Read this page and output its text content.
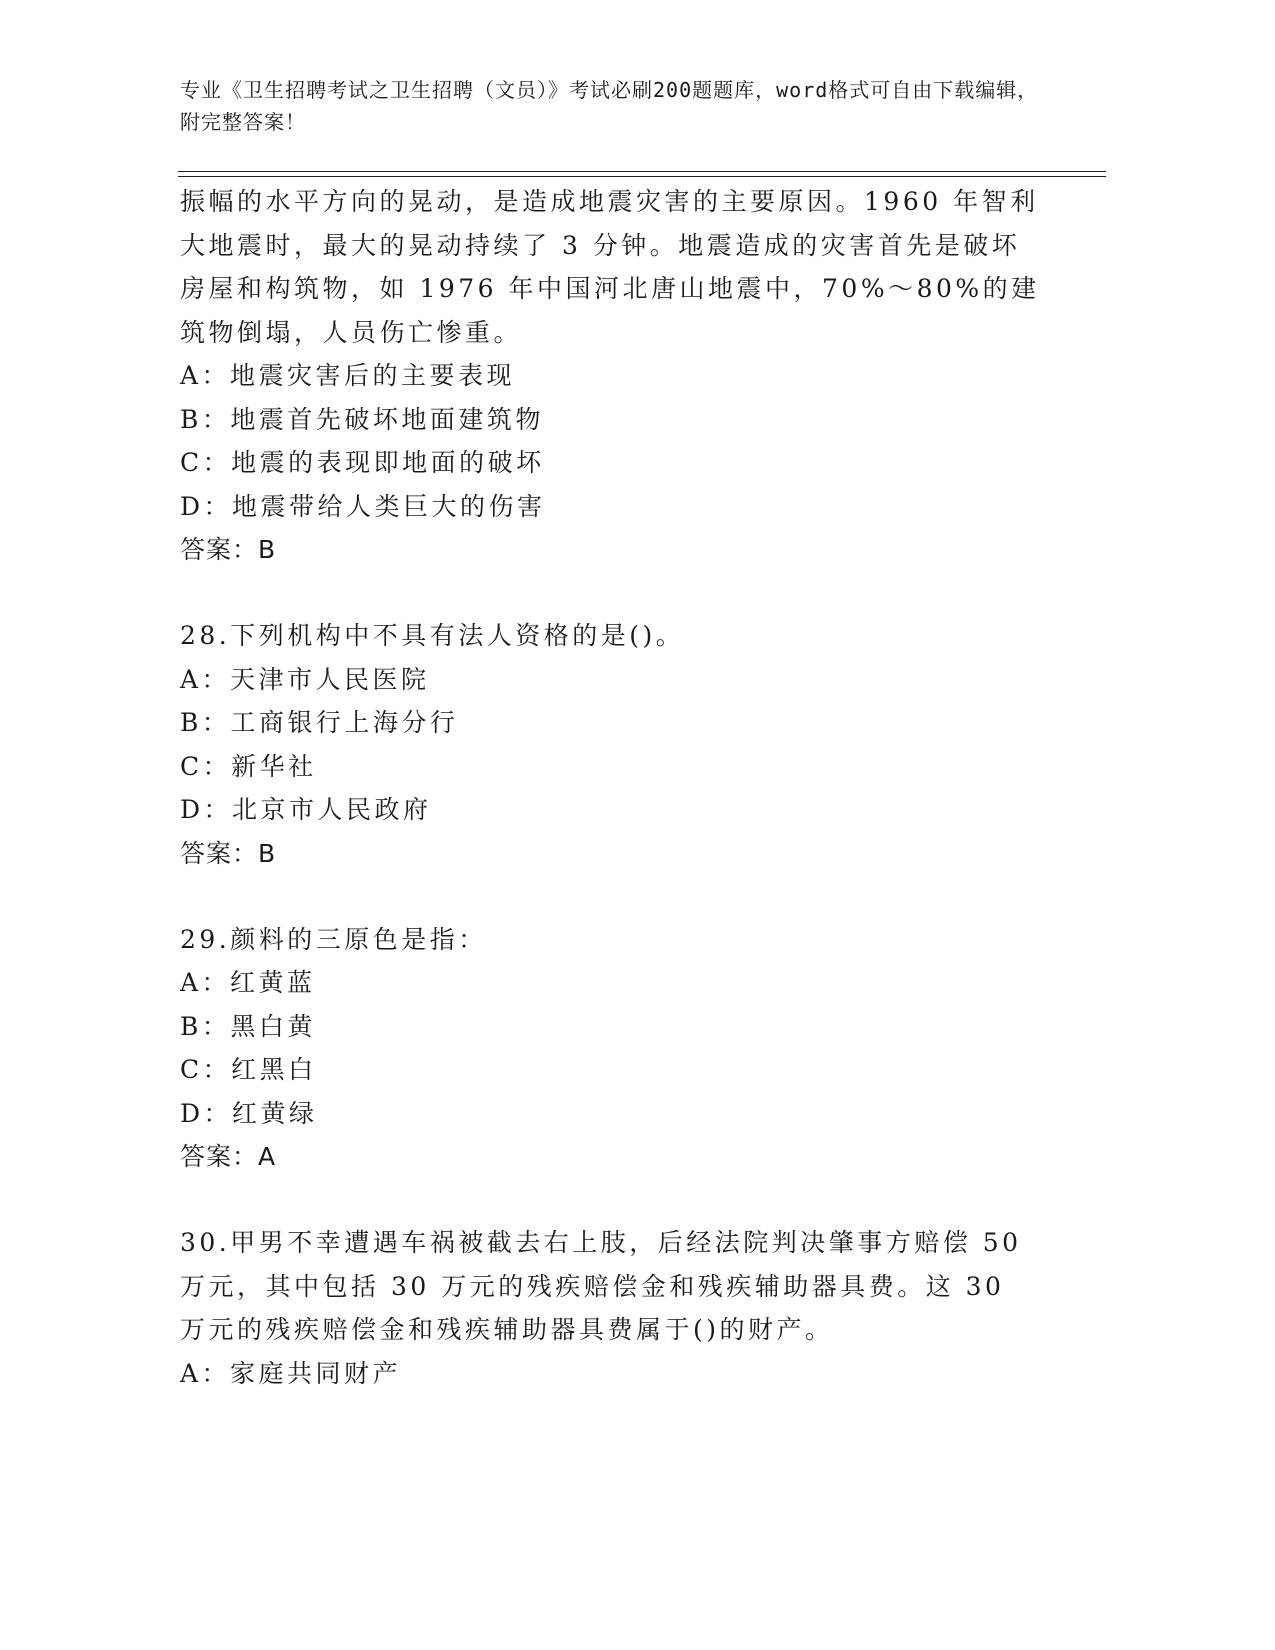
专业《卫生招聘考试之卫生招聘（文员）》考试必刷200题题库，word格式可自由下载编辑，附完整答案！
振幅的水平方向的晃动，是造成地震灾害的主要原因。1960 年智利大地震时，最大的晃动持续了 3 分钟。地震造成的灾害首先是破坏房屋和构筑物，如 1976 年中国河北唐山地震中，70%～80%的建筑物倒塌，人员伤亡惨重。
A：地震灾害后的主要表现
B：地震首先破坏地面建筑物
C：地震的表现即地面的破坏
D：地震带给人类巨大的伤害
答案：B
28.下列机构中不具有法人资格的是()。
A：天津市人民医院
B：工商银行上海分行
C：新华社
D：北京市人民政府
答案：B
29.颜料的三原色是指：
A：红黄蓝
B：黑白黄
C：红黑白
D：红黄绿
答案：A
30.甲男不幸遭遇车祸被截去右上肢，后经法院判决肇事方赔偿 50 万元，其中包括 30 万元的残疾赔偿金和残疾辅助器具费。这 30 万元的残疾赔偿金和残疾辅助器具费属于()的财产。
A：家庭共同财产
